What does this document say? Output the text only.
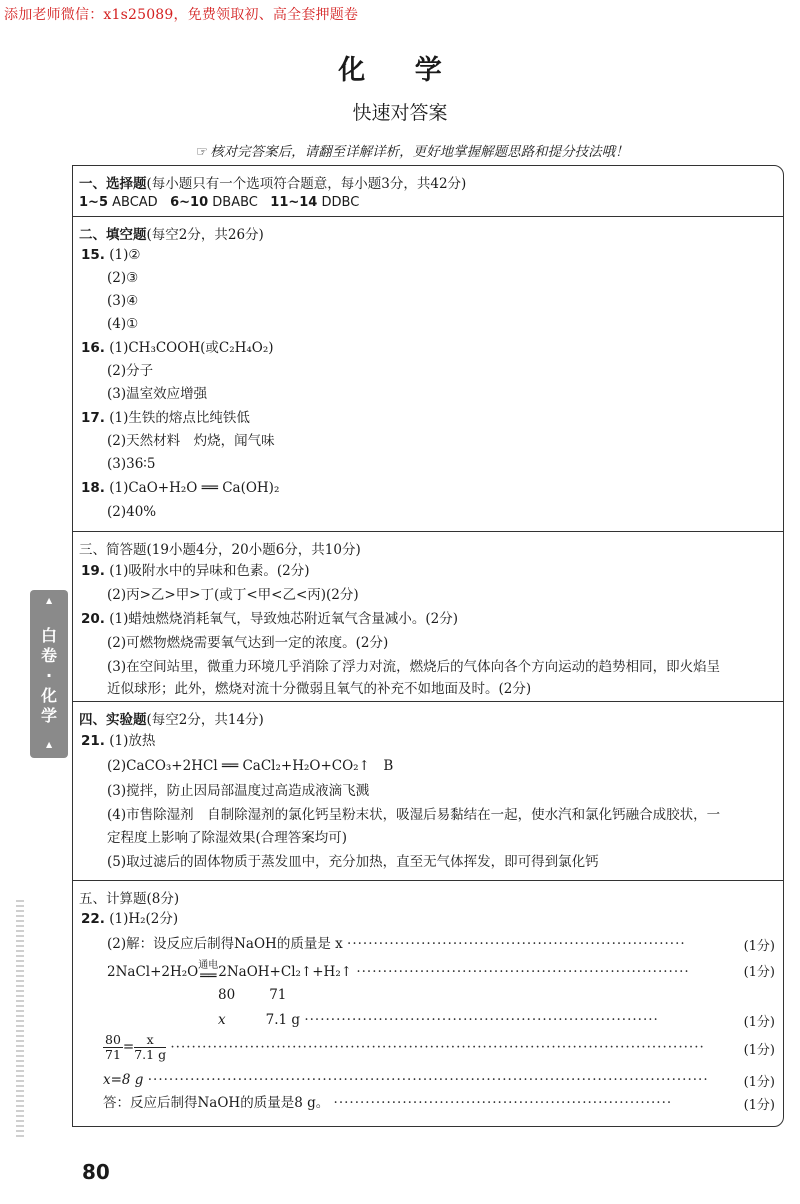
添加老师微信：x1s25089，免费领取初、高全套押题卷
化 学
快速对答案
☞ 核对完答案后，请翻至详解详析，更好地掌握解题思路和提分技法哦！
▲
白卷·化学
▲
一、选择题(每小题只有一个选项符合题意，每小题3分，共42分)
1~5 ABCAD 6~10 DBABC 11~14 DDBC
二、填空题(每空2分，共26分)
15. (1)②
(2)③
(3)④
(4)①
16. (1)CH₃COOH(或C₂H₄O₂)
(2)分子
(3)温室效应增强
17. (1)生铁的熔点比纯铁低
(2)天然材料　灼烧，闻气味
(3)36∶5
18. (1)CaO+H₂O ══ Ca(OH)₂
(2)40%
三、简答题(19小题4分，20小题6分，共10分)
19. (1)吸附水中的异味和色素。(2分)
(2)丙>乙>甲>丁(或丁<甲<乙<丙)(2分)
20. (1)蜡烛燃烧消耗氧气，导致烛芯附近氧气含量减小。(2分)
(2)可燃物燃烧需要氧气达到一定的浓度。(2分)
(3)在空间站里，微重力环境几乎消除了浮力对流，燃烧后的气体向各个方向运动的趋势相同，即火焰呈
近似球形；此外，燃烧对流十分微弱且氧气的补充不如地面及时。(2分)
四、实验题(每空2分，共14分)
21. (1)放热
(2)CaCO₃+2HCl ══ CaCl₂+H₂O+CO₂↑　B
(3)搅拌，防止因局部温度过高造成液滴飞溅
(4)市售除湿剂　自制除湿剂的氯化钙呈粉末状，吸湿后易黏结在一起，使水汽和氯化钙融合成胶状，一
定程度上影响了除湿效果(合理答案均可)
(5)取过滤后的固体物质于蒸发皿中，充分加热，直至无气体挥发，即可得到氯化钙
五、计算题(8分)
22. (1)H₂(2分)
(2)解：设反应后制得NaOH的质量是 x ································································	(1分)
2NaCl+2H₂O 通电
══ 2NaOH+Cl₂↑+H₂↑ ·······························································	(1分)
80	71
x	7.1 g ···································································	(1分)
$\frac{80}{71} = \frac{x}{7.1 g}$ ·····································································································	(1分)
x=8 g ··········································································································	(1分)
答：反应后制得NaOH的质量是8 g。 ································································	(1分)
80
